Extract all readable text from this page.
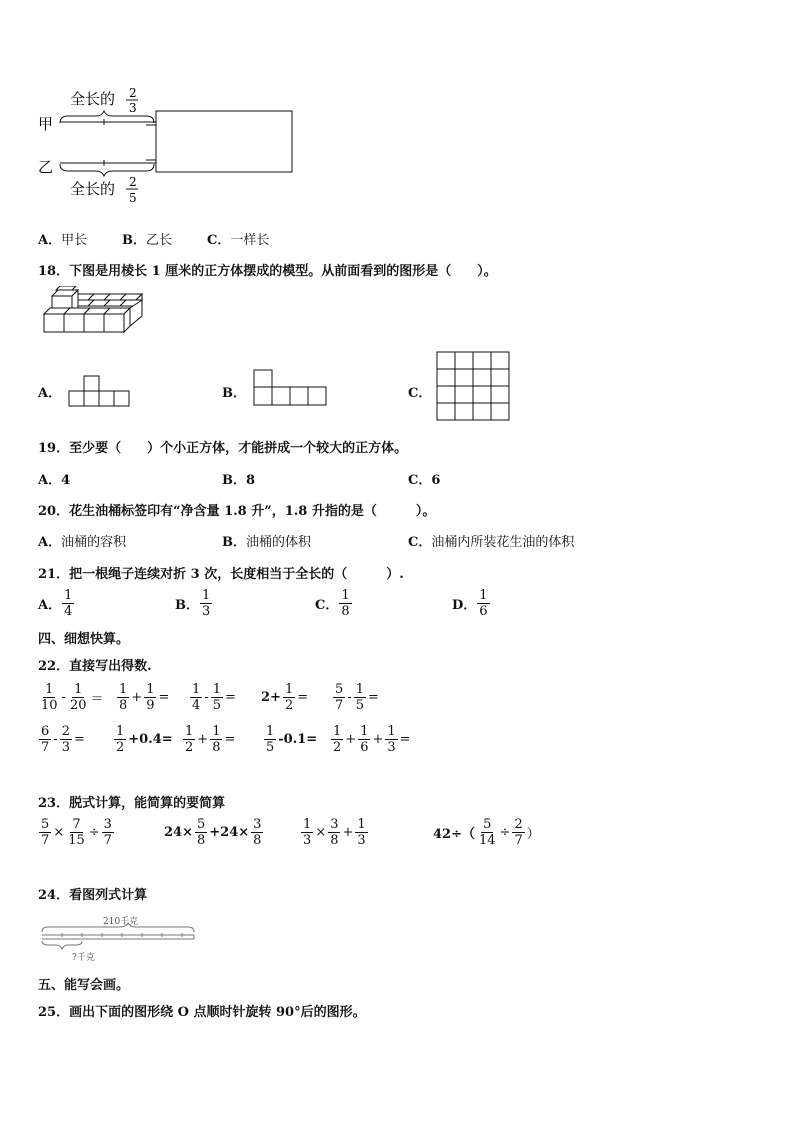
甲
乙
全长的 2
3
全长的 2
5
A．甲长	B．乙长	C．一样长
18．下图是用棱长 1 厘米的正方体摆成的模型。从前面看到的图形是（　　）。
A．	B．	C．
19．至少要（　　）个小正方体，才能拼成一个较大的正方体。
A．4	B．8	C．6
20．花生油桶标签印有“净含量 1.8 升”，1.8 升指的是（　　　）。
A．油桶的容积	B．油桶的体积	C．油桶内所装花生油的体积
21．把一根绳子连续对折 3 次，长度相当于全长的（　　　）.
A． $\frac{1}{4}$	B． $\frac{1}{3}$	C． $\frac{1}{8}$	D． $\frac{1}{6}$
四、细想快算。
22．直接写出得数.
$\frac{1}{10} - \frac{1}{20} = \frac{1}{8} + \frac{1}{9} = \frac{1}{4} - \frac{1}{5} = 2+ \frac{1}{2} = \frac{5}{7} - \frac{1}{5}$ =
$\frac{6}{7} - \frac{2}{3} = \frac{1}{2} +0.4= \frac{1}{2} + \frac{1}{8} = \frac{1}{5} -0.1= \frac{1}{2} + \frac{1}{6} + \frac{1}{3}$ =
23．脱式计算，能简算的要简算
$\frac{5}{7} \times \frac{7}{15} \div \frac{3}{7}$	$24\times \frac{5}{8} +24\times \frac{3}{8}$	$\frac{1}{3} \times \frac{3}{8} + \frac{1}{3}$	$42\div( \frac{5}{14} \div \frac{2}{7}$ ）
24．看图列式计算
210千克
?千克
五、能写会画。
25．画出下面的图形绕 O 点顺时针旋转 90°后的图形。
